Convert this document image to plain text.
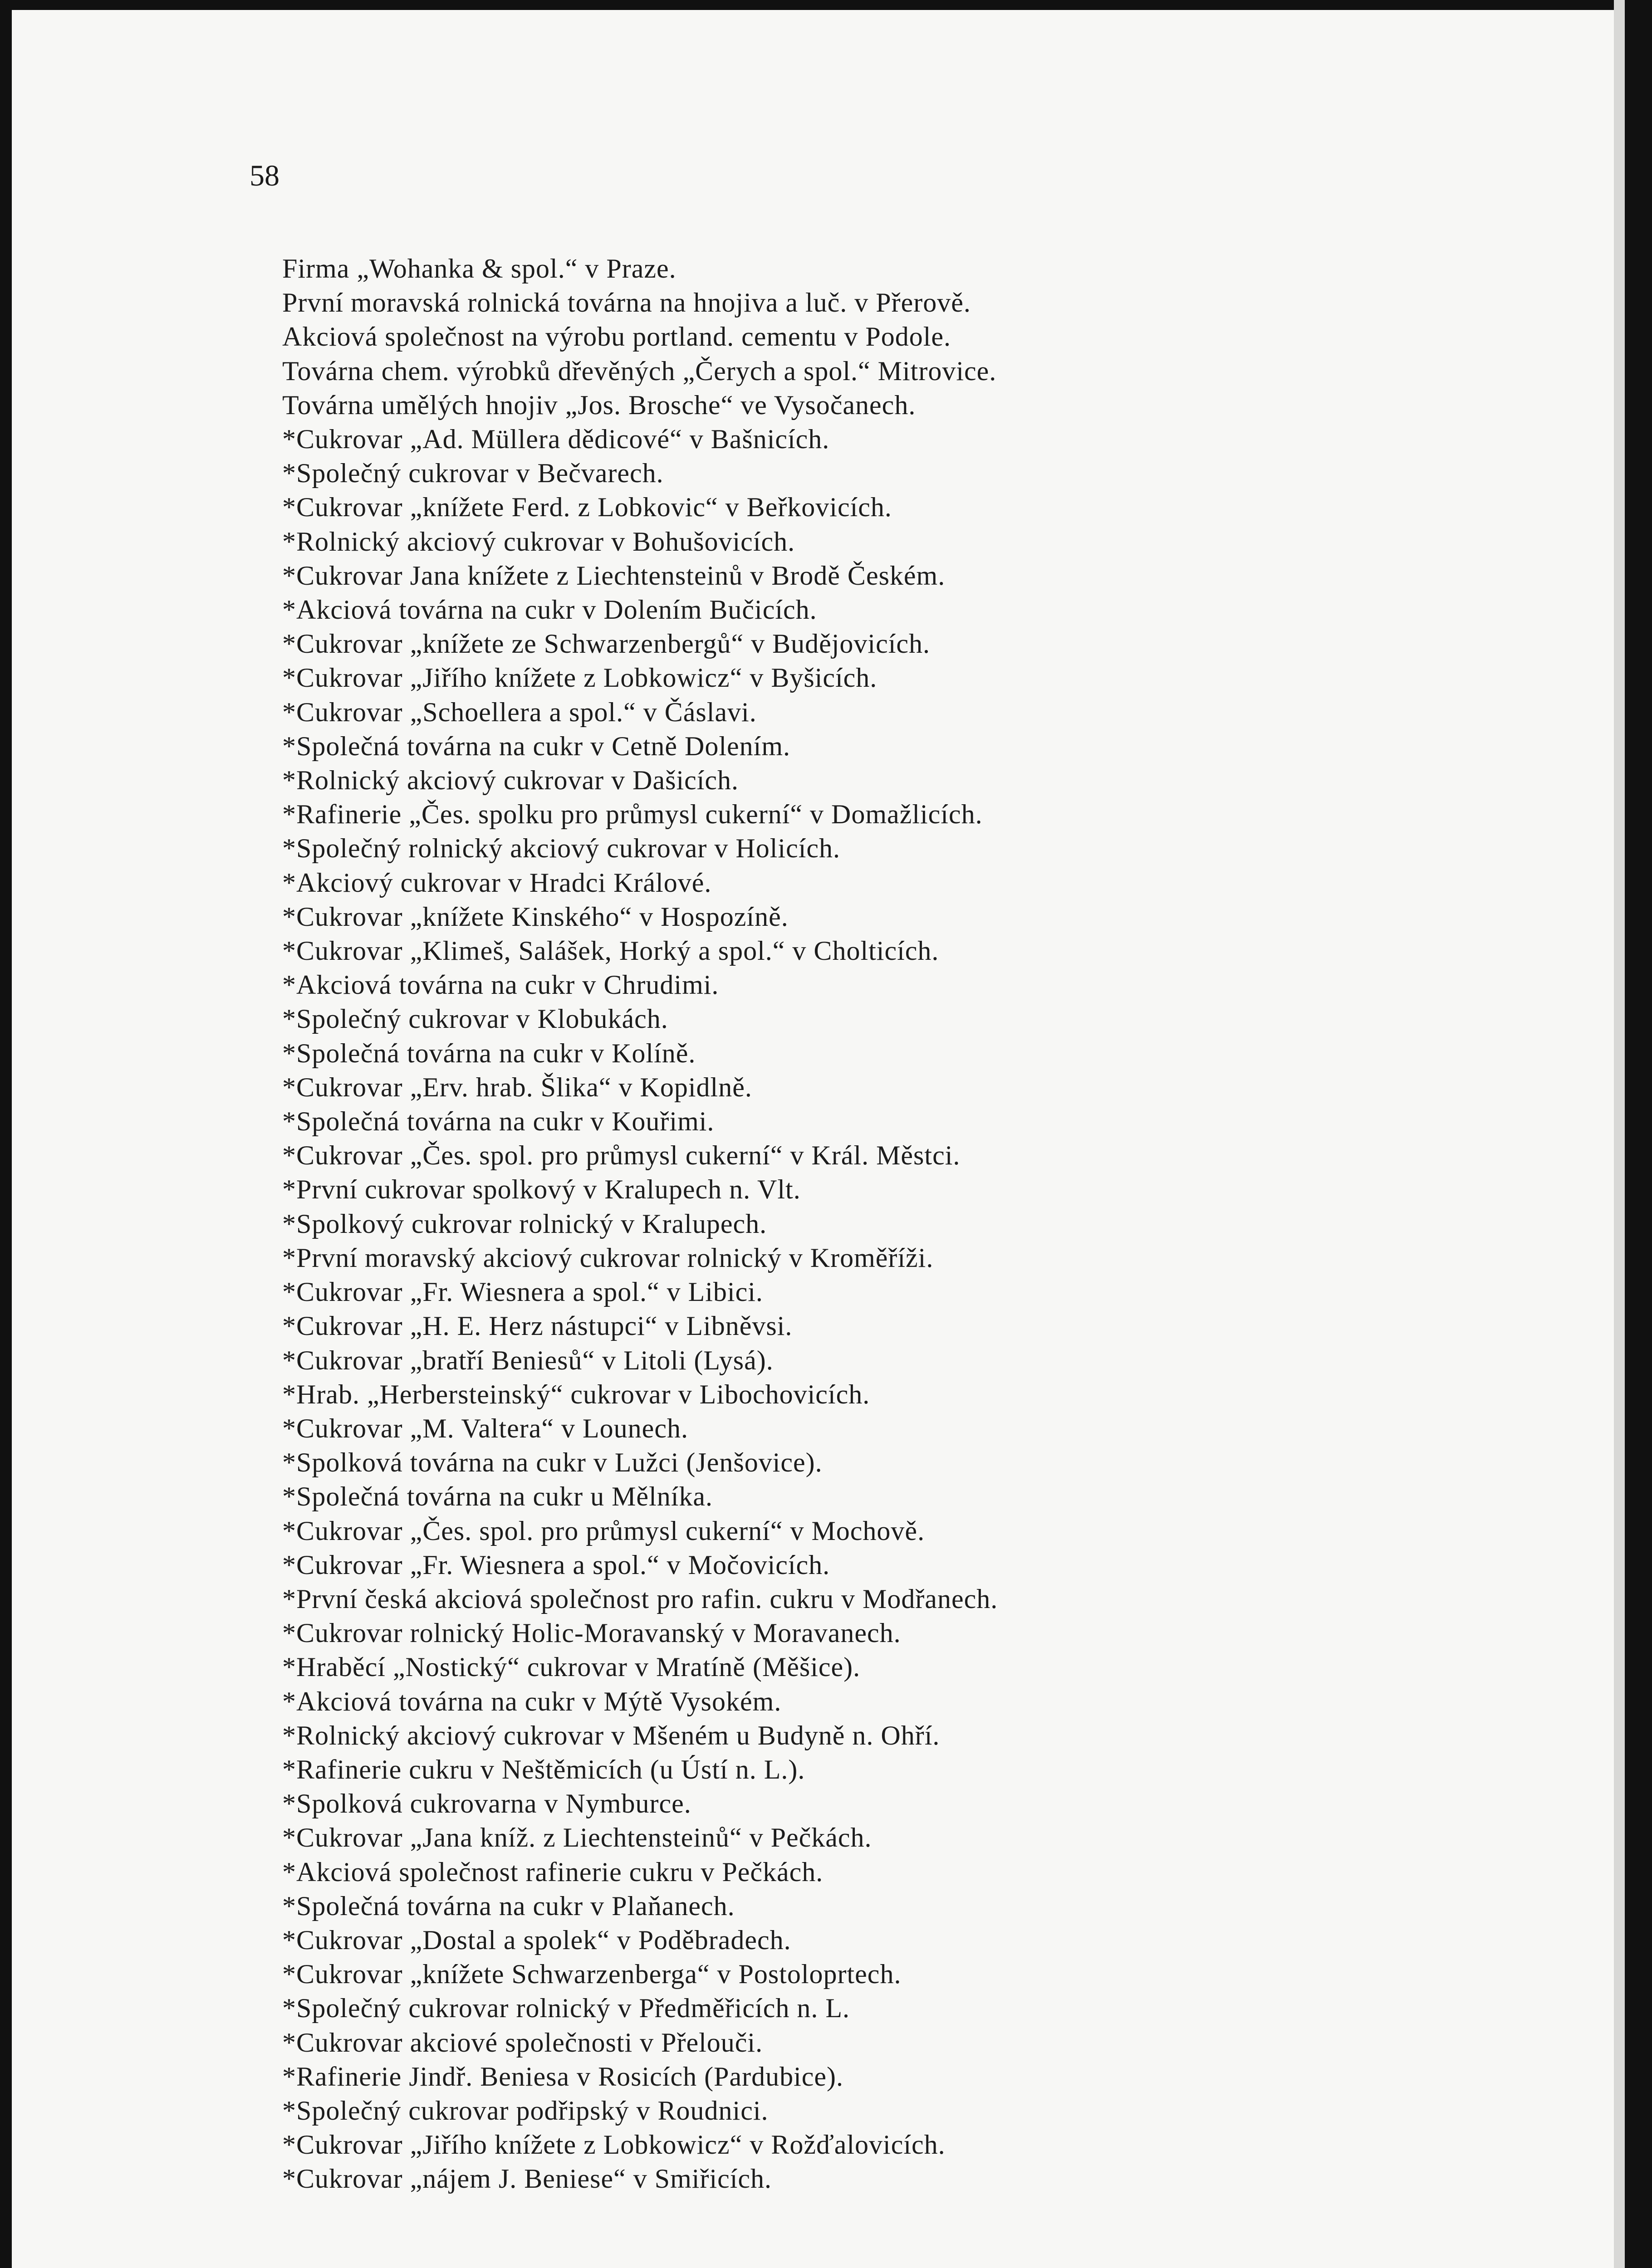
58
Firma „Wohanka & spol.“ v Praze.
První moravská rolnická továrna na hnojiva a luč. v Přerově.
Akciová společnost na výrobu portland. cementu v Podole.
Továrna chem. výrobků dřevěných „Čerych a spol.“ Mitrovice.
Továrna umělých hnojiv „Jos. Brosche“ ve Vysočanech.
*Cukrovar „Ad. Müllera dědicové“ v Bašnicích.
*Společný cukrovar v Bečvarech.
*Cukrovar „knížete Ferd. z Lobkovic“ v Beřkovicích.
*Rolnický akciový cukrovar v Bohušovicích.
*Cukrovar Jana knížete z Liechtensteinů v Brodě Českém.
*Akciová továrna na cukr v Dolením Bučicích.
*Cukrovar „knížete ze Schwarzenbergů“ v Budějovicích.
*Cukrovar „Jiřího knížete z Lobkowicz“ v Byšicích.
*Cukrovar „Schoellera a spol.“ v Čáslavi.
*Společná továrna na cukr v Cetně Dolením.
*Rolnický akciový cukrovar v Dašicích.
*Rafinerie „Čes. spolku pro průmysl cukerní“ v Domažlicích.
*Společný rolnický akciový cukrovar v Holicích.
*Akciový cukrovar v Hradci Králové.
*Cukrovar „knížete Kinského“ v Hospozíně.
*Cukrovar „Klimeš, Salášek, Horký a spol.“ v Cholticích.
*Akciová továrna na cukr v Chrudimi.
*Společný cukrovar v Klobukách.
*Společná továrna na cukr v Kolíně.
*Cukrovar „Erv. hrab. Šlika“ v Kopidlně.
*Společná továrna na cukr v Kouřimi.
*Cukrovar „Čes. spol. pro průmysl cukerní“ v Král. Městci.
*První cukrovar spolkový v Kralupech n. Vlt.
*Spolkový cukrovar rolnický v Kralupech.
*První moravský akciový cukrovar rolnický v Kroměříži.
*Cukrovar „Fr. Wiesnera a spol.“ v Libici.
*Cukrovar „H. E. Herz nástupci“ v Libněvsi.
*Cukrovar „bratří Beniesů“ v Litoli (Lysá).
*Hrab. „Herbersteinský“ cukrovar v Libochovicích.
*Cukrovar „M. Valtera“ v Lounech.
*Spolková továrna na cukr v Lužci (Jenšovice).
*Společná továrna na cukr u Mělníka.
*Cukrovar „Čes. spol. pro průmysl cukerní“ v Mochově.
*Cukrovar „Fr. Wiesnera a spol.“ v Močovicích.
*První česká akciová společnost pro rafin. cukru v Modřanech.
*Cukrovar rolnický Holic-Moravanský v Moravanech.
*Hraběcí „Nostický“ cukrovar v Mratíně (Měšice).
*Akciová továrna na cukr v Mýtě Vysokém.
*Rolnický akciový cukrovar v Mšeném u Budyně n. Ohří.
*Rafinerie cukru v Neštěmicích (u Ústí n. L.).
*Spolková cukrovarna v Nymburce.
*Cukrovar „Jana kníž. z Liechtensteinů“ v Pečkách.
*Akciová společnost rafinerie cukru v Pečkách.
*Společná továrna na cukr v Plaňanech.
*Cukrovar „Dostal a spolek“ v Poděbradech.
*Cukrovar „knížete Schwarzenberga“ v Postoloprtech.
*Společný cukrovar rolnický v Předměřicích n. L.
*Cukrovar akciové společnosti v Přelouči.
*Rafinerie Jindř. Beniesa v Rosicích (Pardubice).
*Společný cukrovar podřipský v Roudnici.
*Cukrovar „Jiřího knížete z Lobkowicz“ v Rožďalovicích.
*Cukrovar „nájem J. Beniese“ v Smiřicích.
